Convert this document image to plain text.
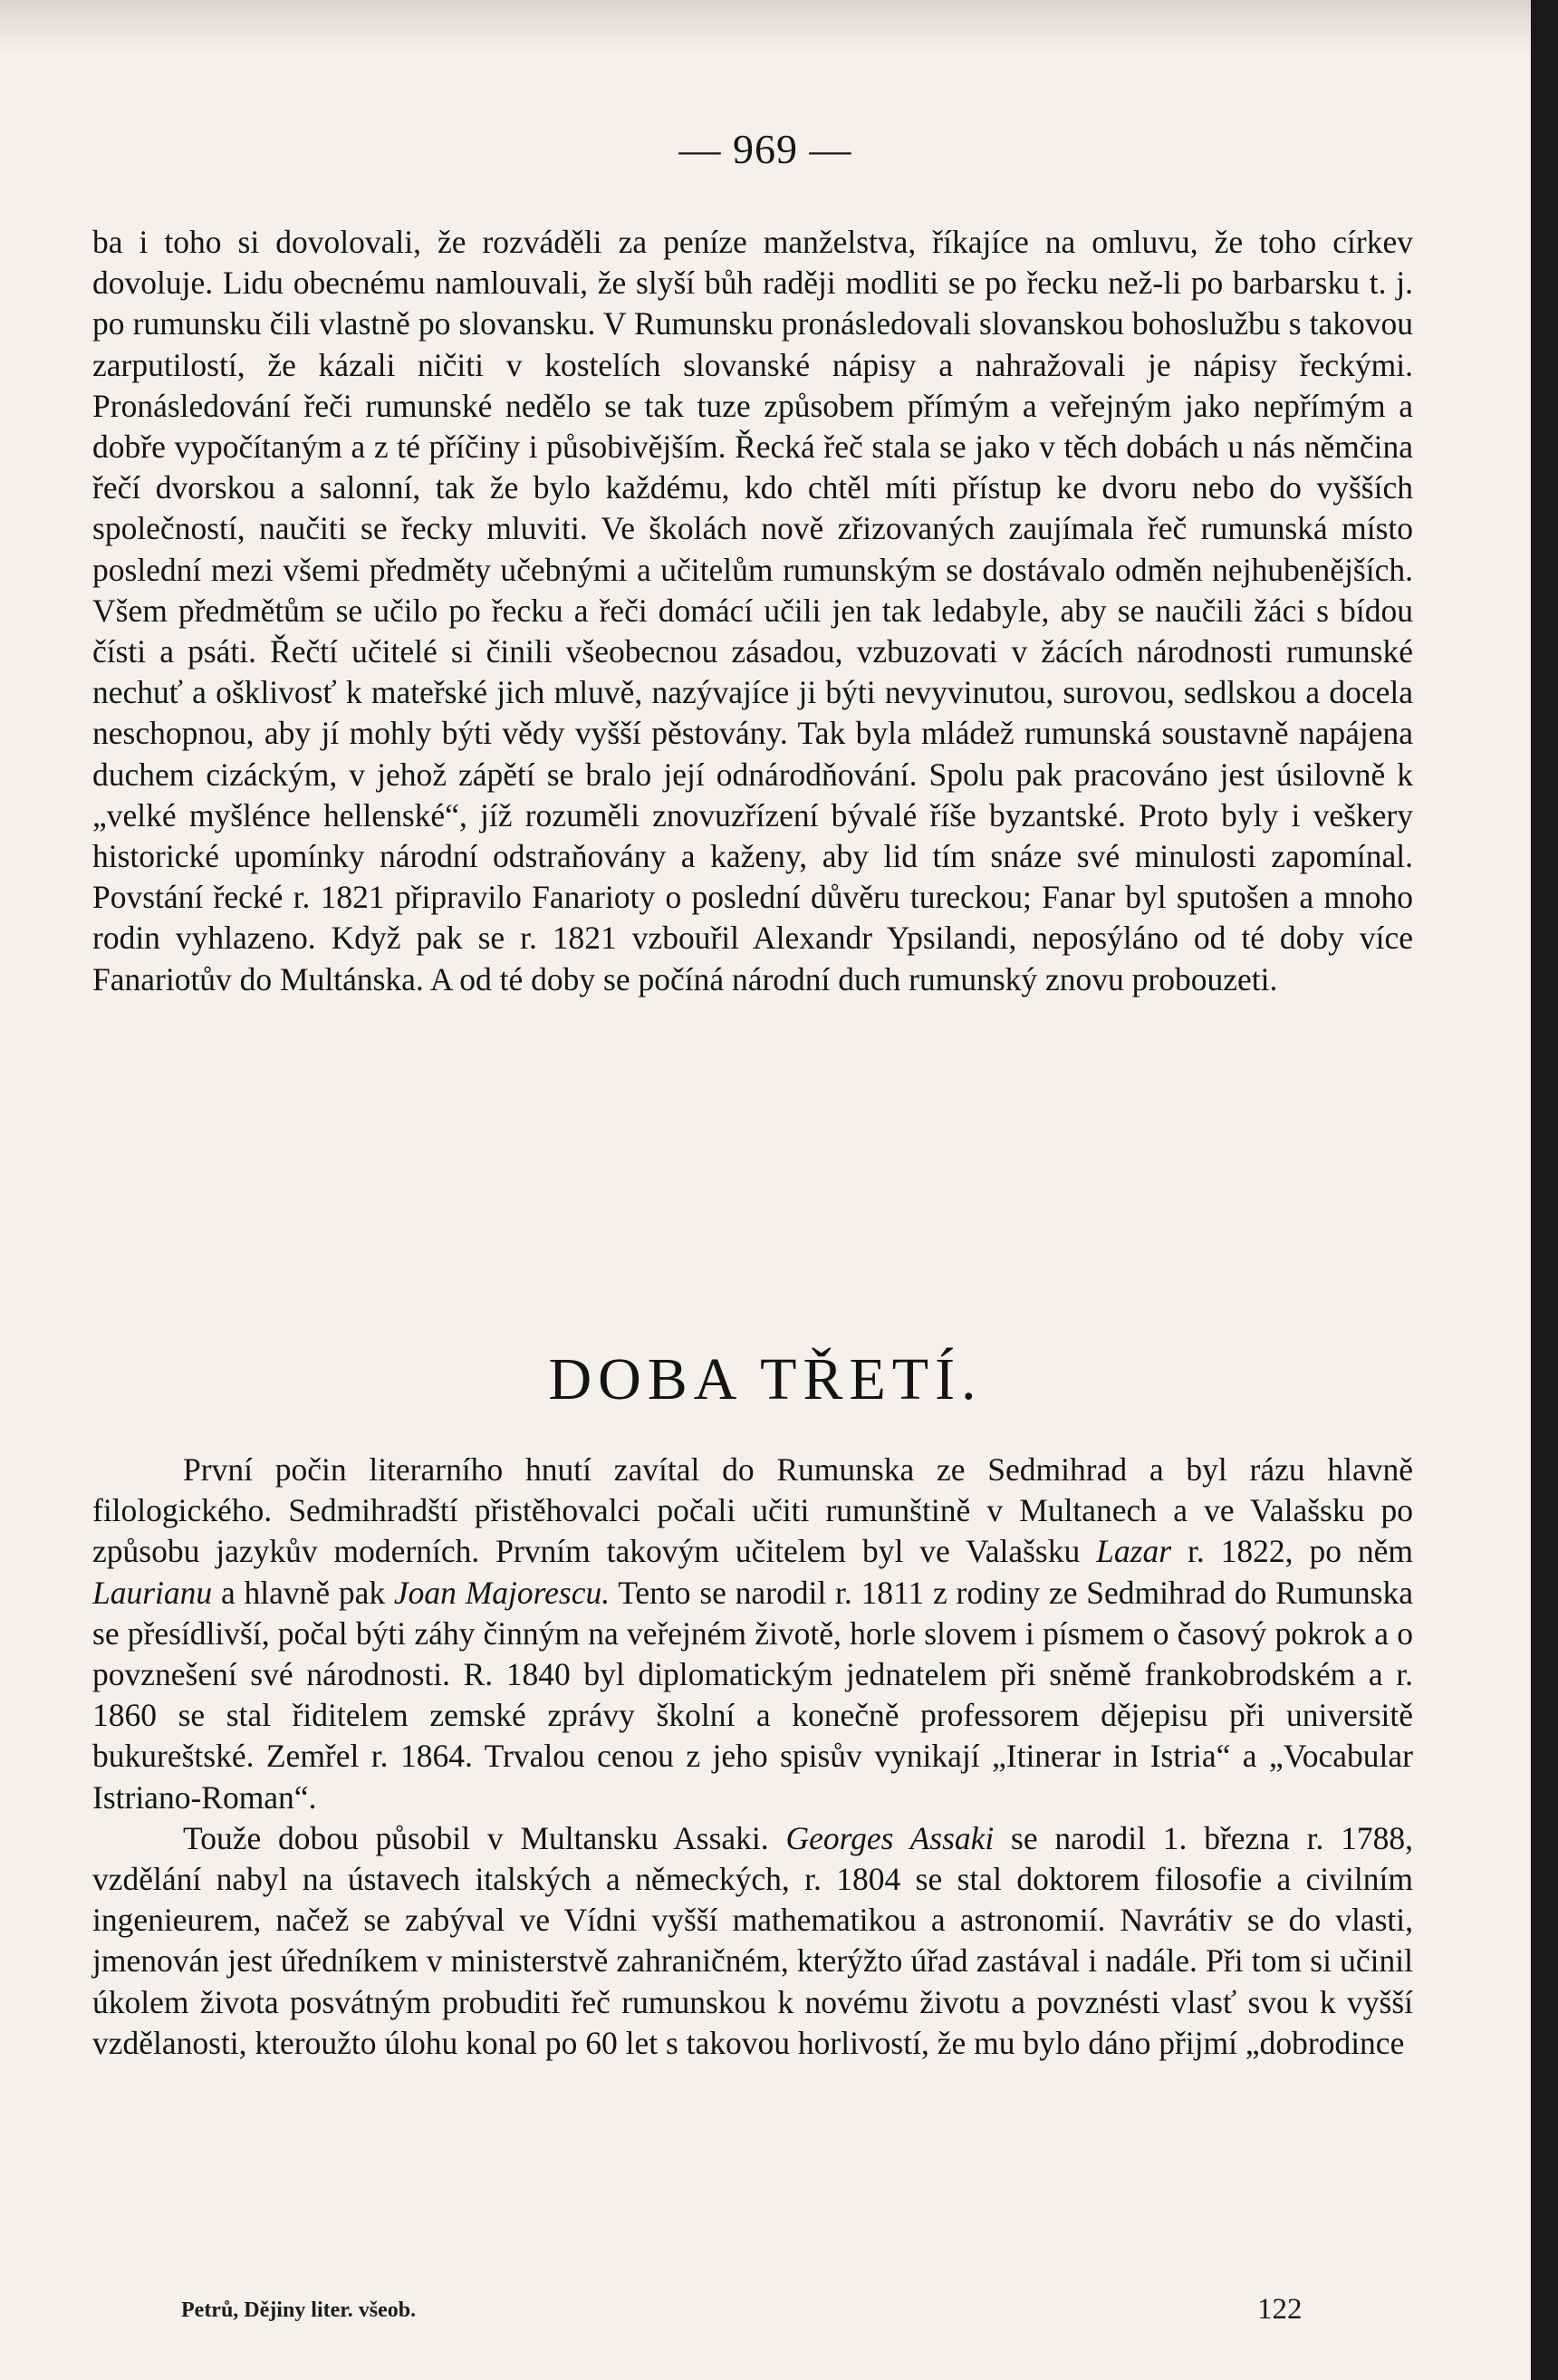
— 969 —

ba i toho si dovolovali, že rozváděli za peníze manželstva, říkajíce na omluvu, že toho církev dovoluje. Lidu obecnému namlouvali, že slyší bůh raději modliti se po řecku než-li po barbarsku t. j. po rumunsku čili vlastně po slovansku. V Rumunsku pronásledovali slovanskou bohoslužbu s takovou zarputilostí, že kázali ničiti v kostelích slovanské nápisy a nahražovali je nápisy řeckými. Pronásledování řeči rumunské nedělo se tak tuze způsobem přímým a veřejným jako nepřímým a dobře vypočítaným a z té příčiny i působivějším. Řecká řeč stala se jako v těch dobách u nás němčina řečí dvorskou a salonní, tak že bylo každému, kdo chtěl míti přístup ke dvoru nebo do vyšších společností, naučiti se řecky mluviti. Ve školách nově zřizovaných zaujímala řeč rumunská místo poslední mezi všemi předměty učebnými a učitelům rumunským se dostávalo odměn nejhubenějších. Všem předmětům se učilo po řecku a řeči domácí učili jen tak ledabyle, aby se naučili žáci s bídou čísti a psáti. Řečtí učitelé si činili všeobecnou zásadou, vzbuzovati v žácích národnosti rumunské nechuť a ošklivosť k mateřské jich mluvě, nazývajíce ji býti nevyvinutou, surovou, sedlskou a docela neschopnou, aby jí mohly býti vědy vyšší pěstovány. Tak byla mládež rumunská soustavně napájena duchem cizáckým, v jehož zápětí se bralo její odnárodňování. Spolu pak pracováno jest úsilovně k „velké myšlénce hellenské“, jíž rozuměli znovuzřízení bývalé říše byzantské. Proto byly i veškery historické upomínky národní odstraňovány a kaženy, aby lid tím snáze své minulosti zapomínal. Povstání řecké r. 1821 připravilo Fanarioty o poslední důvěru tureckou; Fanar byl sputošen a mnoho rodin vyhlazeno. Když pak se r. 1821 vzbouřil Alexandr Ypsilandi, neposýláno od té doby více Fanariotův do Multánska. A od té doby se počíná národní duch rumunský znovu probouzeti.

DOBA TŘETÍ.

První počin literarního hnutí zavítal do Rumunska ze Sedmihrad a byl rázu hlavně filologického. Sedmihradští přistěhovalci počali učiti rumunštině v Multanech a ve Valašsku po způsobu jazykův moderních. Prvním takovým učitelem byl ve Valašsku Lazar r. 1822, po něm Laurianu a hlavně pak Joan Majorescu. Tento se narodil r. 1811 z rodiny ze Sedmihrad do Rumunska se přesídlivší, počal býti záhy činným na veřejném životě, horle slovem i písmem o časový pokrok a o povznešení své národnosti. R. 1840 byl diplomatickým jednatelem při sněmě frankobrodském a r. 1860 se stal řiditelem zemské zprávy školní a konečně professorem dějepisu při universitě bukureštské. Zemřel r. 1864. Trvalou cenou z jeho spisův vynikají „Itinerar in Istria“ a „Vocabular Istriano-Roman“.

Touže dobou působil v Multansku Assaki. Georges Assaki se narodil 1. března r. 1788, vzdělání nabyl na ústavech italských a německých, r. 1804 se stal doktorem filosofie a civilním ingenieurem, načež se zabýval ve Vídni vyšší mathematikou a astronomií. Navrátiv se do vlasti, jmenován jest úředníkem v ministerstvě zahraničném, kterýžto úřad zastával i nadále. Při tom si učinil úkolem života posvátným probuditi řeč rumunskou k novému životu a povznésti vlasť svou k vyšší vzdělanosti, kteroužto úlohu konal po 60 let s takovou horlivostí, že mu bylo dáno přijmí „dobrodince

Petrů, Dějiny liter. všeob.	122
